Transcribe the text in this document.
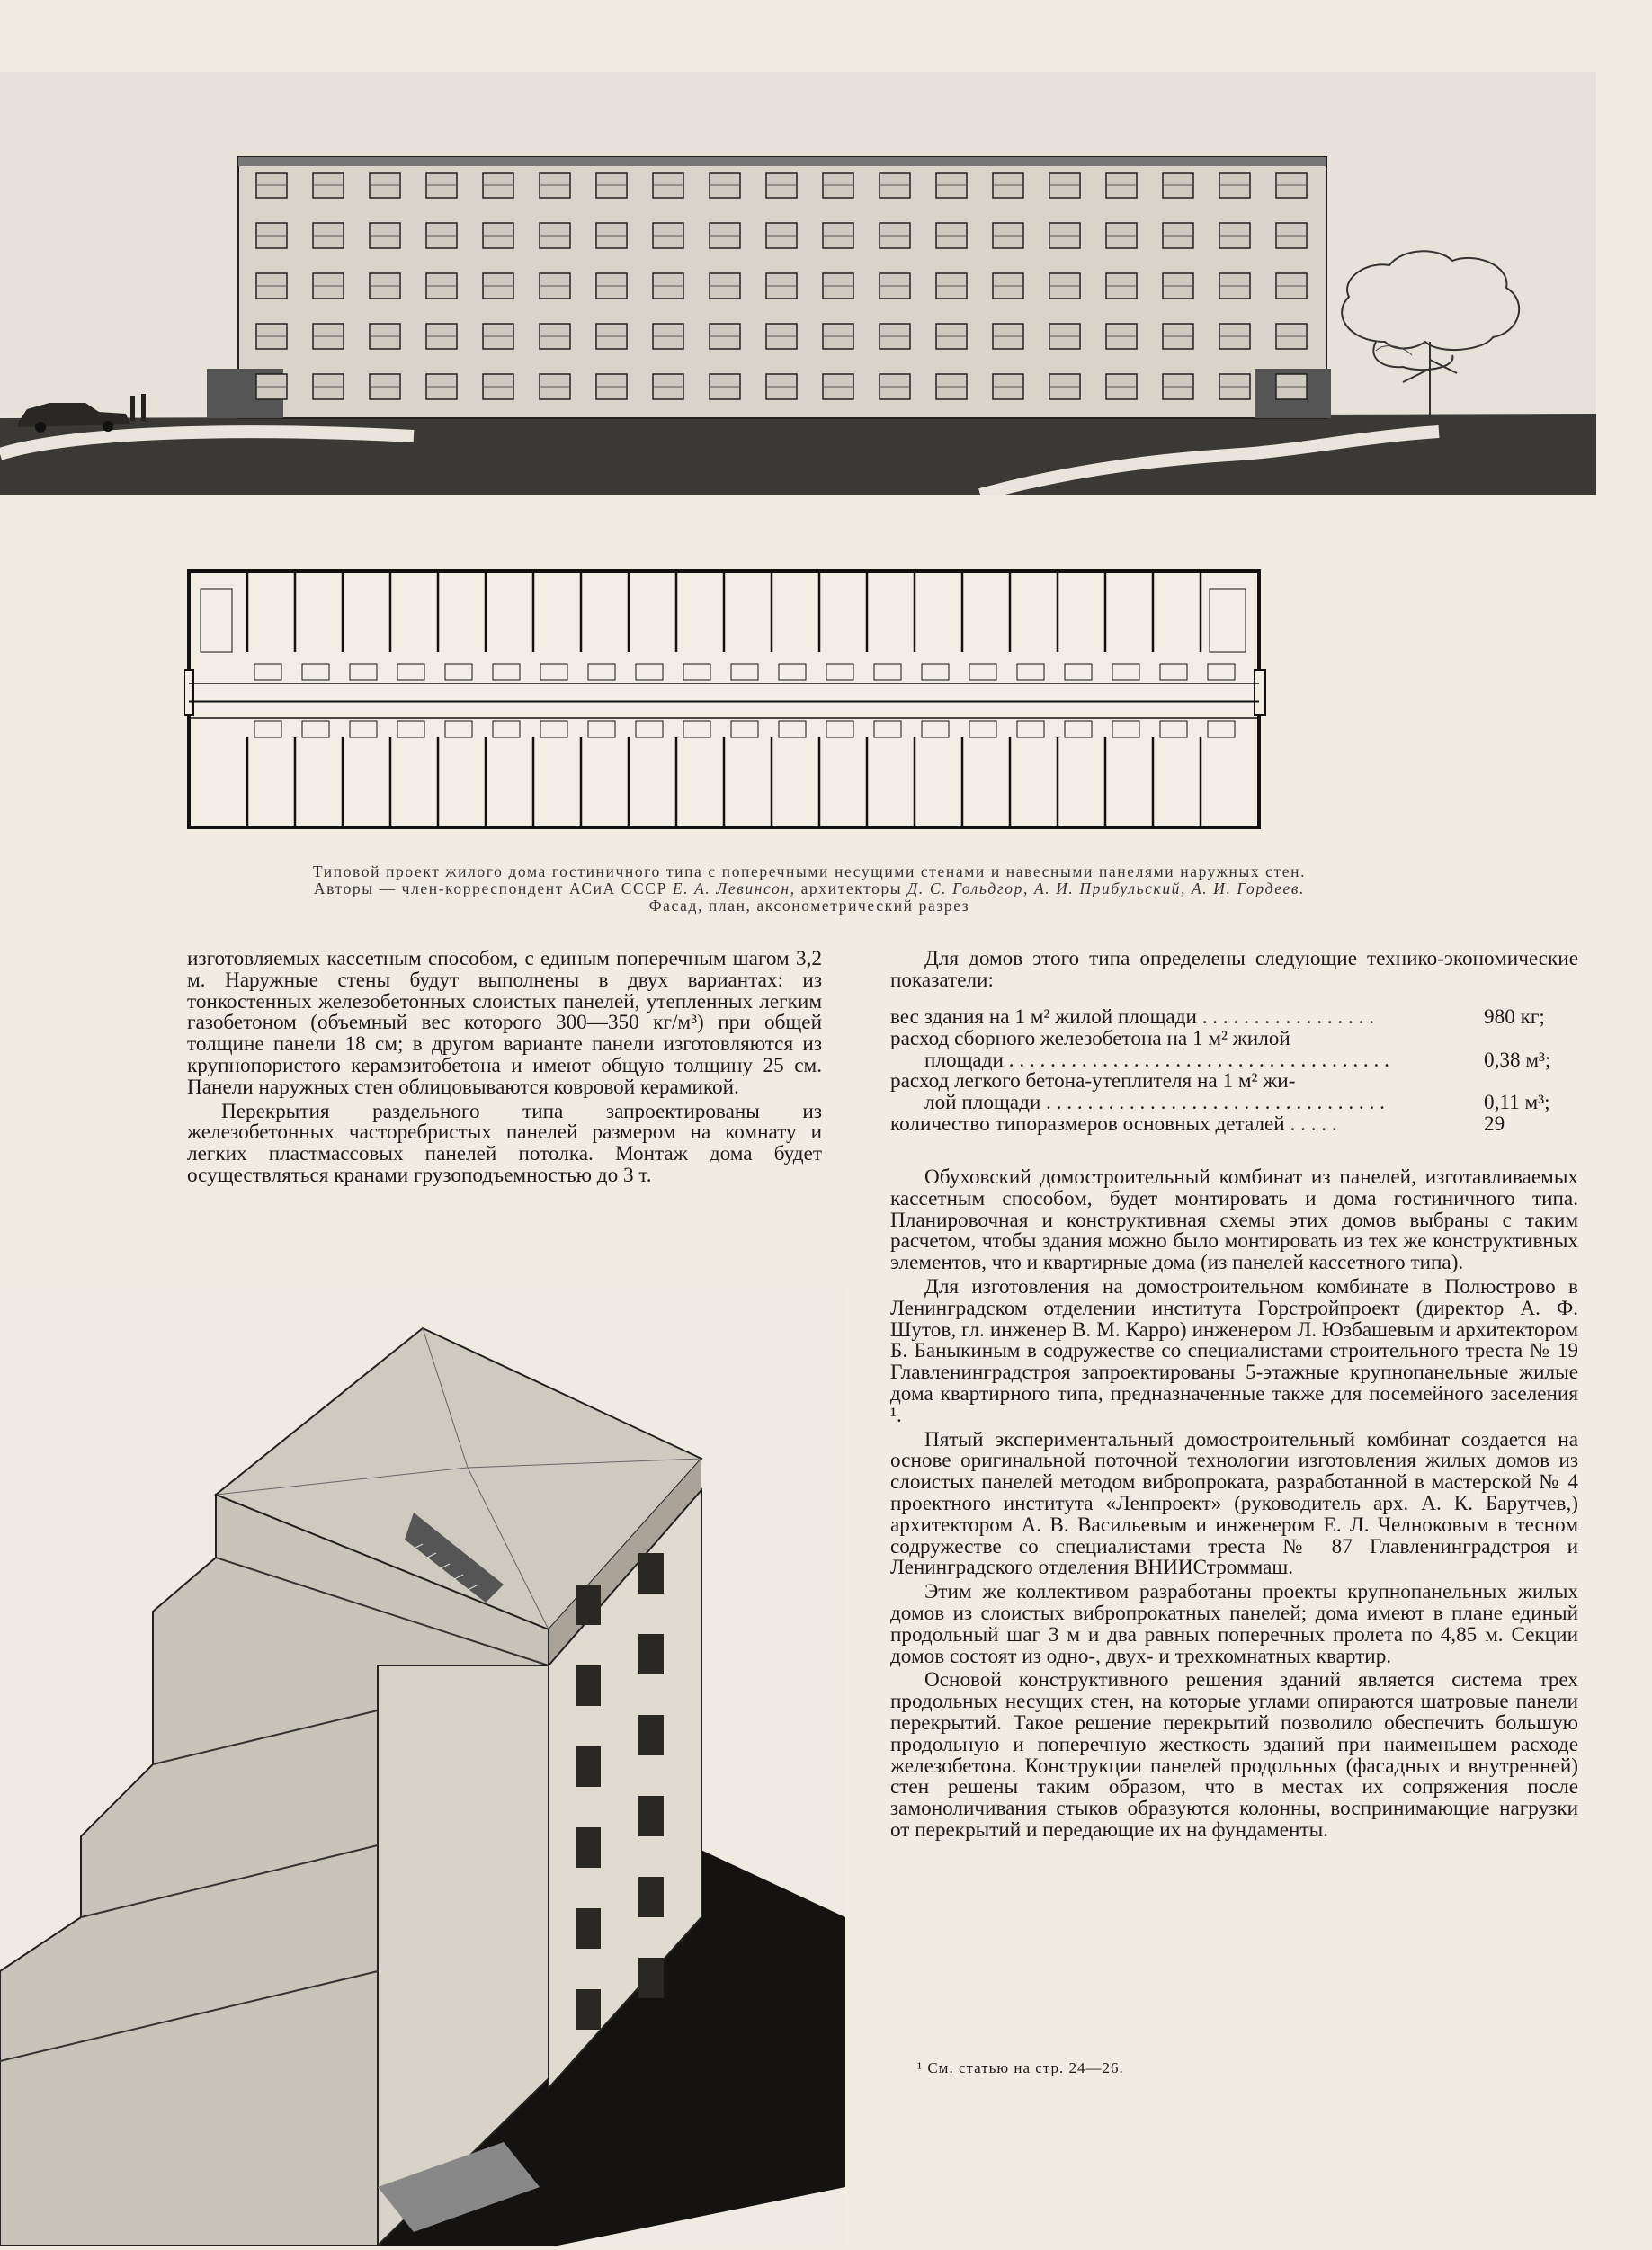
Типовой проект жилого дома гостиничного типа с поперечными несущими стенами и навесными панелями наружных стен.
Авторы — член-корреспондент АСиА СССР Е. А. Левинсон, архитекторы Д. С. Гольдгор, А. И. Прибульский, А. И. Гордеев.
Фасад, план, аксонометрический разрез

изготовляемых кассетным способом, с единым поперечным шагом 3,2 м. Наружные стены будут выполнены в двух вариантах: из тонкостенных железобетонных слоистых панелей, утепленных легким газобетоном (объемный вес которого 300—350 кг/м³) при общей толщине панели 18 см; в другом варианте панели изготовляются из крупнопористого керамзитобетона и имеют общую толщину 25 см. Панели наружных стен облицовываются ковровой керамикой.

Перекрытия раздельного типа запроектированы из железобетонных часторебристых панелей размером на комнату и легких пластмассовых панелей потолка. Монтаж дома будет осуществляться кранами грузоподъемностью до 3 т.

Для домов этого типа определены следующие технико-экономические показатели:

вес здания на 1 м² жилой площади . . . . . . . . . . . . . . . . .	980 кг;
расход сборного железобетона на 1 м² жилой
площади . . . . . . . . . . . . . . . . . . . . . . . . . . . . . . . . . . . . .	0,38 м³;
расход легкого бетона-утеплителя на 1 м² жи-
лой площади . . . . . . . . . . . . . . . . . . . . . . . . . . . . . . . . .	0,11 м³;
количество типоразмеров основных деталей . . . . .	29

Обуховский домостроительный комбинат из панелей, изготавливаемых кассетным способом, будет монтировать и дома гостиничного типа. Планировочная и конструктивная схемы этих домов выбраны с таким расчетом, чтобы здания можно было монтировать из тех же конструктивных элементов, что и квартирные дома (из панелей кассетного типа).

Для изготовления на домостроительном комбинате в Полюстрово в Ленинградском отделении института Горстройпроект (директор А. Ф. Шутов, гл. инженер В. М. Карро) инженером Л. Юзбашевым и архитектором Б. Баныкиным в содружестве со специалистами строительного треста № 19 Главленинградстроя запроектированы 5-этажные крупнопанельные жилые дома квартирного типа, предназначенные также для посемейного заселения ¹.

Пятый экспериментальный домостроительный комбинат создается на основе оригинальной поточной технологии изготовления жилых домов из слоистых панелей методом вибропроката, разработанной в мастерской № 4 проектного института «Ленпроект» (руководитель арх. А. К. Барутчев,) архитектором А. В. Васильевым и инженером Е. Л. Челноковым в тесном содружестве со специалистами треста № 87 Главленинградстроя и Ленинградского отделения ВНИИСтроммаш.

Этим же коллективом разработаны проекты крупнопанельных жилых домов из слоистых вибропрокатных панелей; дома имеют в плане единый продольный шаг 3 м и два равных поперечных пролета по 4,85 м. Секции домов состоят из одно-, двух- и трехкомнатных квартир.

Основой конструктивного решения зданий является система трех продольных несущих стен, на которые углами опираются шатровые панели перекрытий. Такое решение перекрытий позволило обеспечить большую продольную и поперечную жесткость зданий при наименьшем расходе железобетона. Конструкции панелей продольных (фасадных и внутренней) стен решены таким образом, что в местах их сопряжения после замоноличивания стыков образуются колонны, воспринимающие нагрузки от перекрытий и передающие их на фундаменты.

¹ См. статью на стр. 24—26.
